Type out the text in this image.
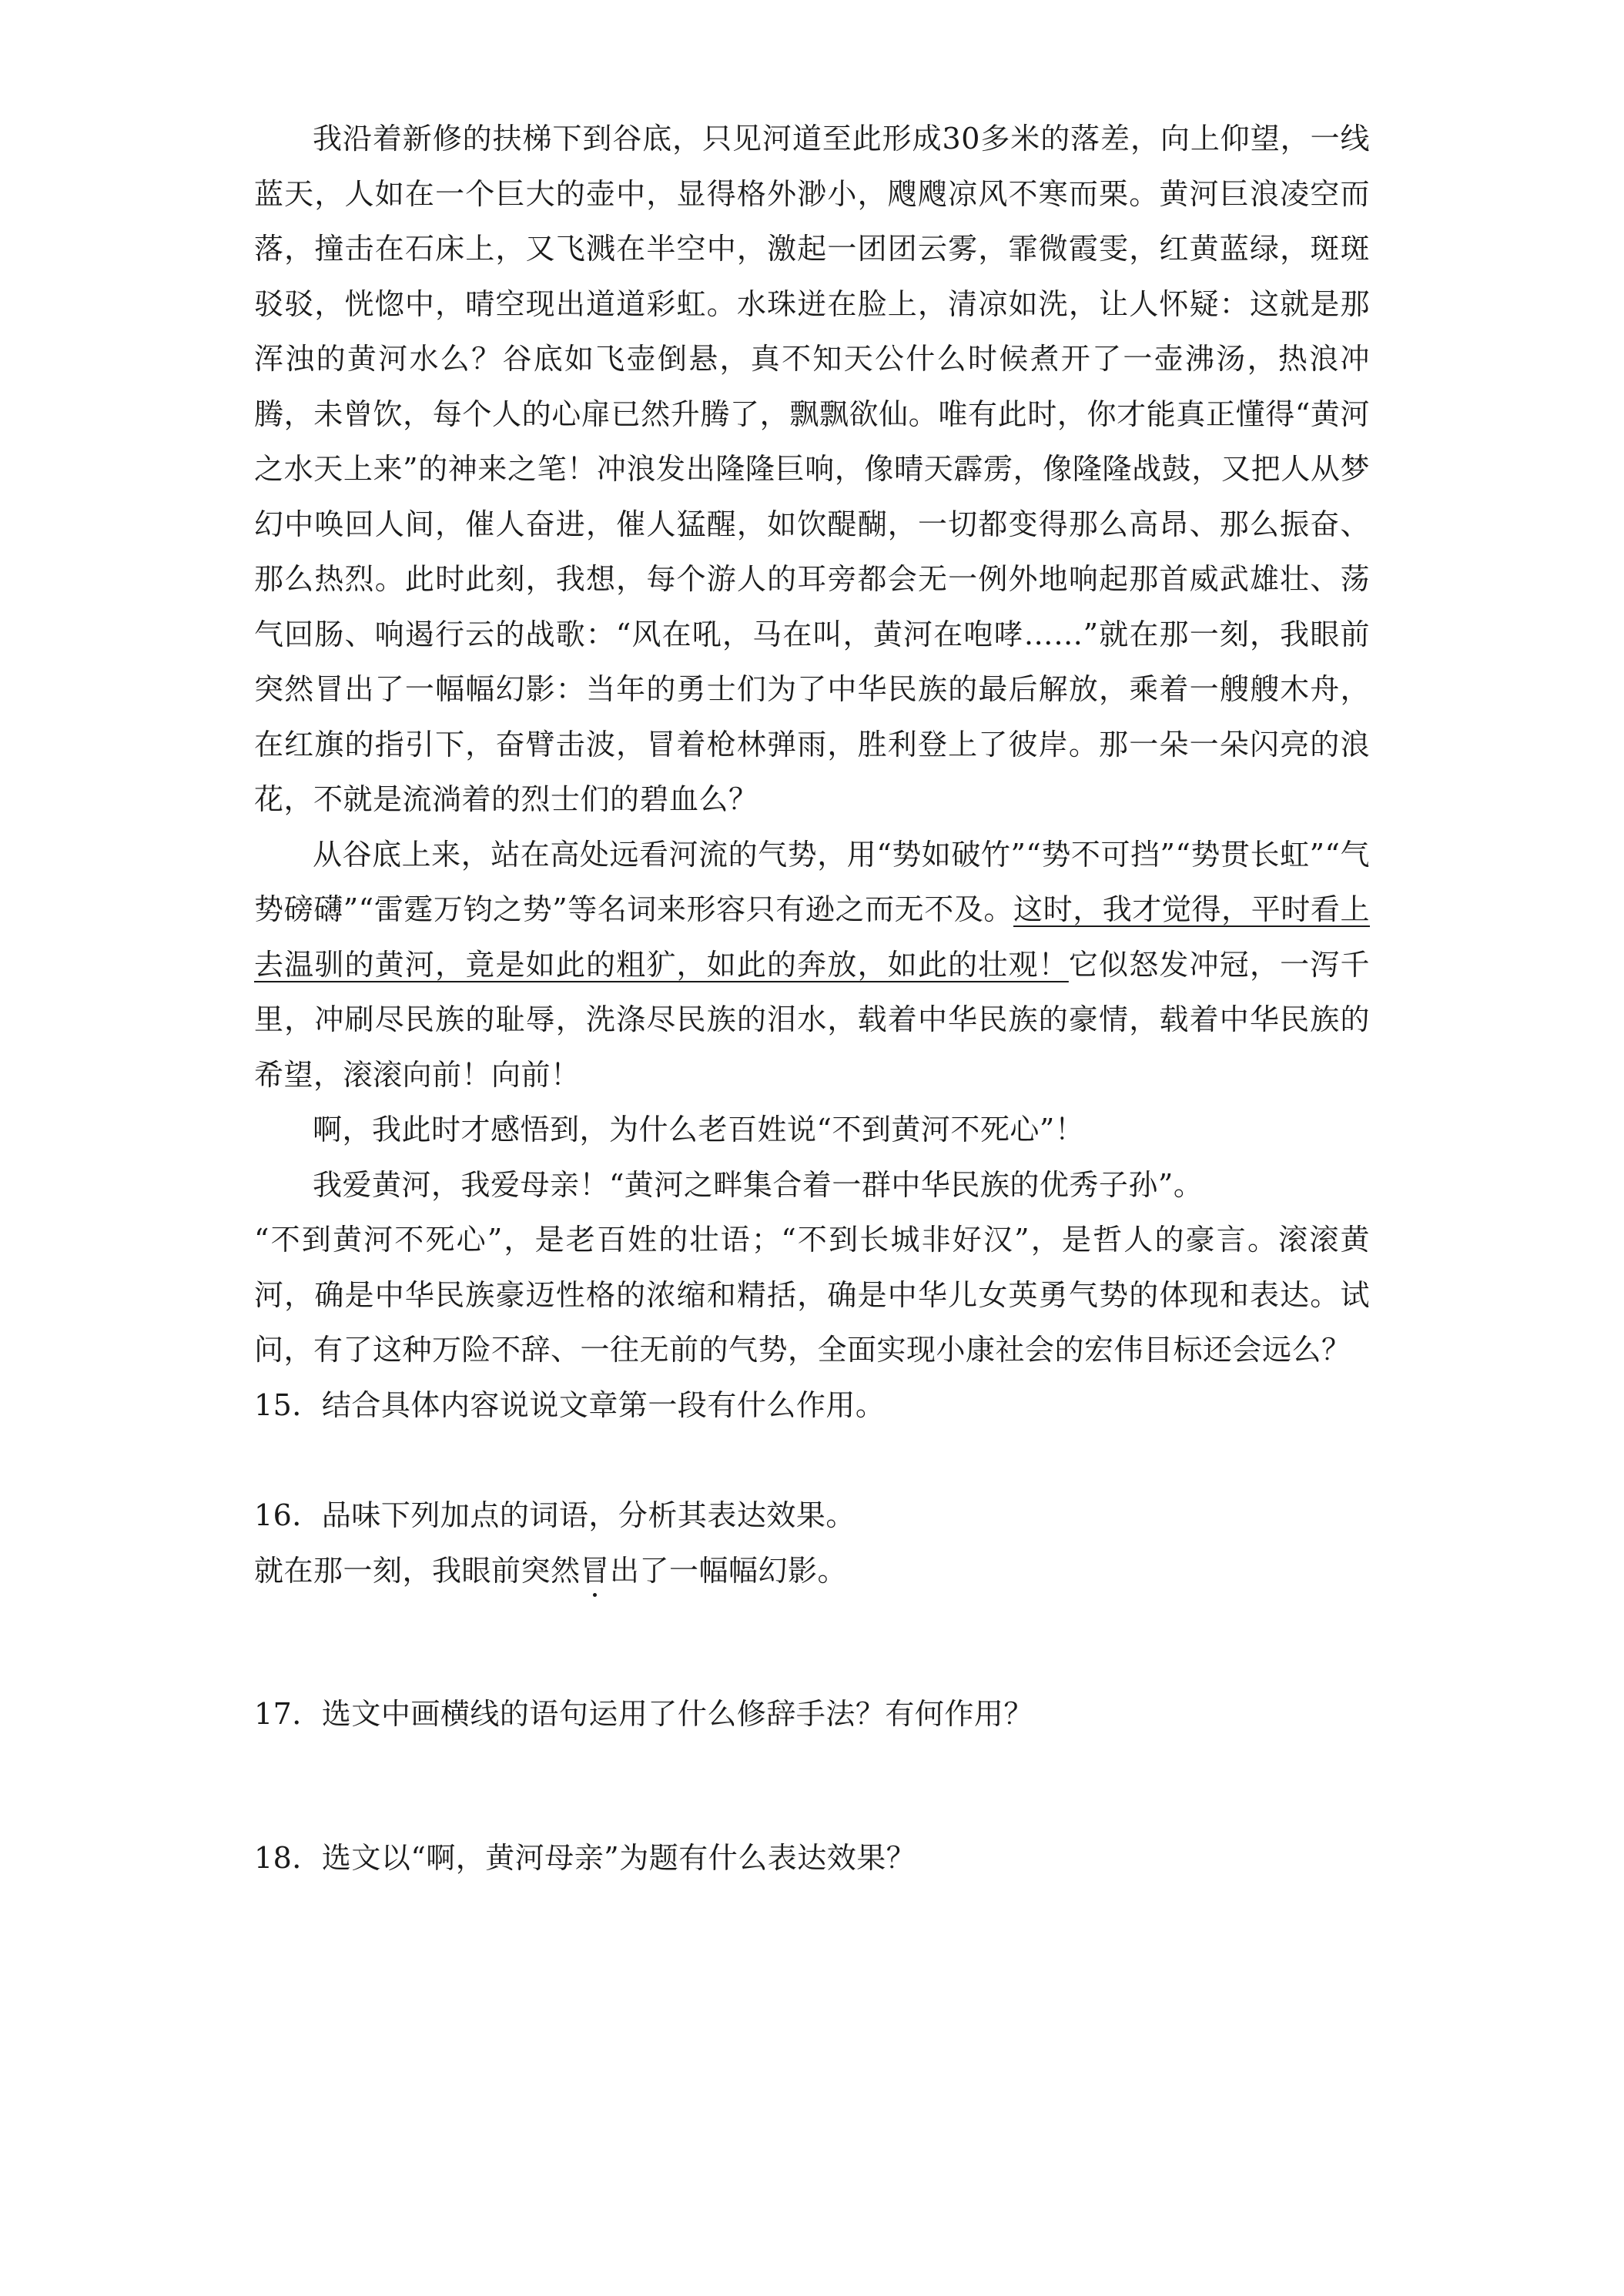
我沿着新修的扶梯下到谷底，只见河道至此形成30多米的落差，向上仰望，一线蓝天，人如在一个巨大的壶中，显得格外渺小，飕飕凉风不寒而栗。黄河巨浪凌空而落，撞击在石床上，又飞溅在半空中，激起一团团云雾，霏微霞雯，红黄蓝绿，斑斑驳驳，恍惚中，晴空现出道道彩虹。水珠迸在脸上，清凉如洗，让人怀疑：这就是那浑浊的黄河水么？谷底如飞壶倒悬，真不知天公什么时候煮开了一壶沸汤，热浪冲腾，未曾饮，每个人的心扉已然升腾了，飘飘欲仙。唯有此时，你才能真正懂得“黄河之水天上来”的神来之笔！冲浪发出隆隆巨响，像晴天霹雳，像隆隆战鼓，又把人从梦幻中唤回人间，催人奋进，催人猛醒，如饮醍醐，一切都变得那么高昂、那么振奋、那么热烈。此时此刻，我想，每个游人的耳旁都会无一例外地响起那首威武雄壮、荡气回肠、响遏行云的战歌：“风在吼，马在叫，黄河在咆哮……”就在那一刻，我眼前突然冒出了一幅幅幻影：当年的勇士们为了中华民族的最后解放，乘着一艘艘木舟，在红旗的指引下，奋臂击波，冒着枪林弹雨，胜利登上了彼岸。那一朵一朵闪亮的浪花，不就是流淌着的烈士们的碧血么？

从谷底上来，站在高处远看河流的气势，用“势如破竹”“势不可挡”“势贯长虹”“气势磅礴”“雷霆万钧之势”等名词来形容只有逊之而无不及。这时，我才觉得，平时看上去温驯的黄河，竟是如此的粗犷，如此的奔放，如此的壮观！它似怒发冲冠，一泻千里，冲刷尽民族的耻辱，洗涤尽民族的泪水，载着中华民族的豪情，载着中华民族的希望，滚滚向前！向前！

啊，我此时才感悟到，为什么老百姓说“不到黄河不死心”！

我爱黄河，我爱母亲！“黄河之畔集合着一群中华民族的优秀子孙”。

“不到黄河不死心”，是老百姓的壮语；“不到长城非好汉”，是哲人的豪言。滚滚黄河，确是中华民族豪迈性格的浓缩和精括，确是中华儿女英勇气势的体现和表达。试问，有了这种万险不辞、一往无前的气势，全面实现小康社会的宏伟目标还会远么？

15．结合具体内容说说文章第一段有什么作用。

16．品味下列加点的词语，分析其表达效果。

就在那一刻，我眼前突然冒出了一幅幅幻影。

17．选文中画横线的语句运用了什么修辞手法？有何作用？

18．选文以“啊，黄河母亲”为题有什么表达效果？
